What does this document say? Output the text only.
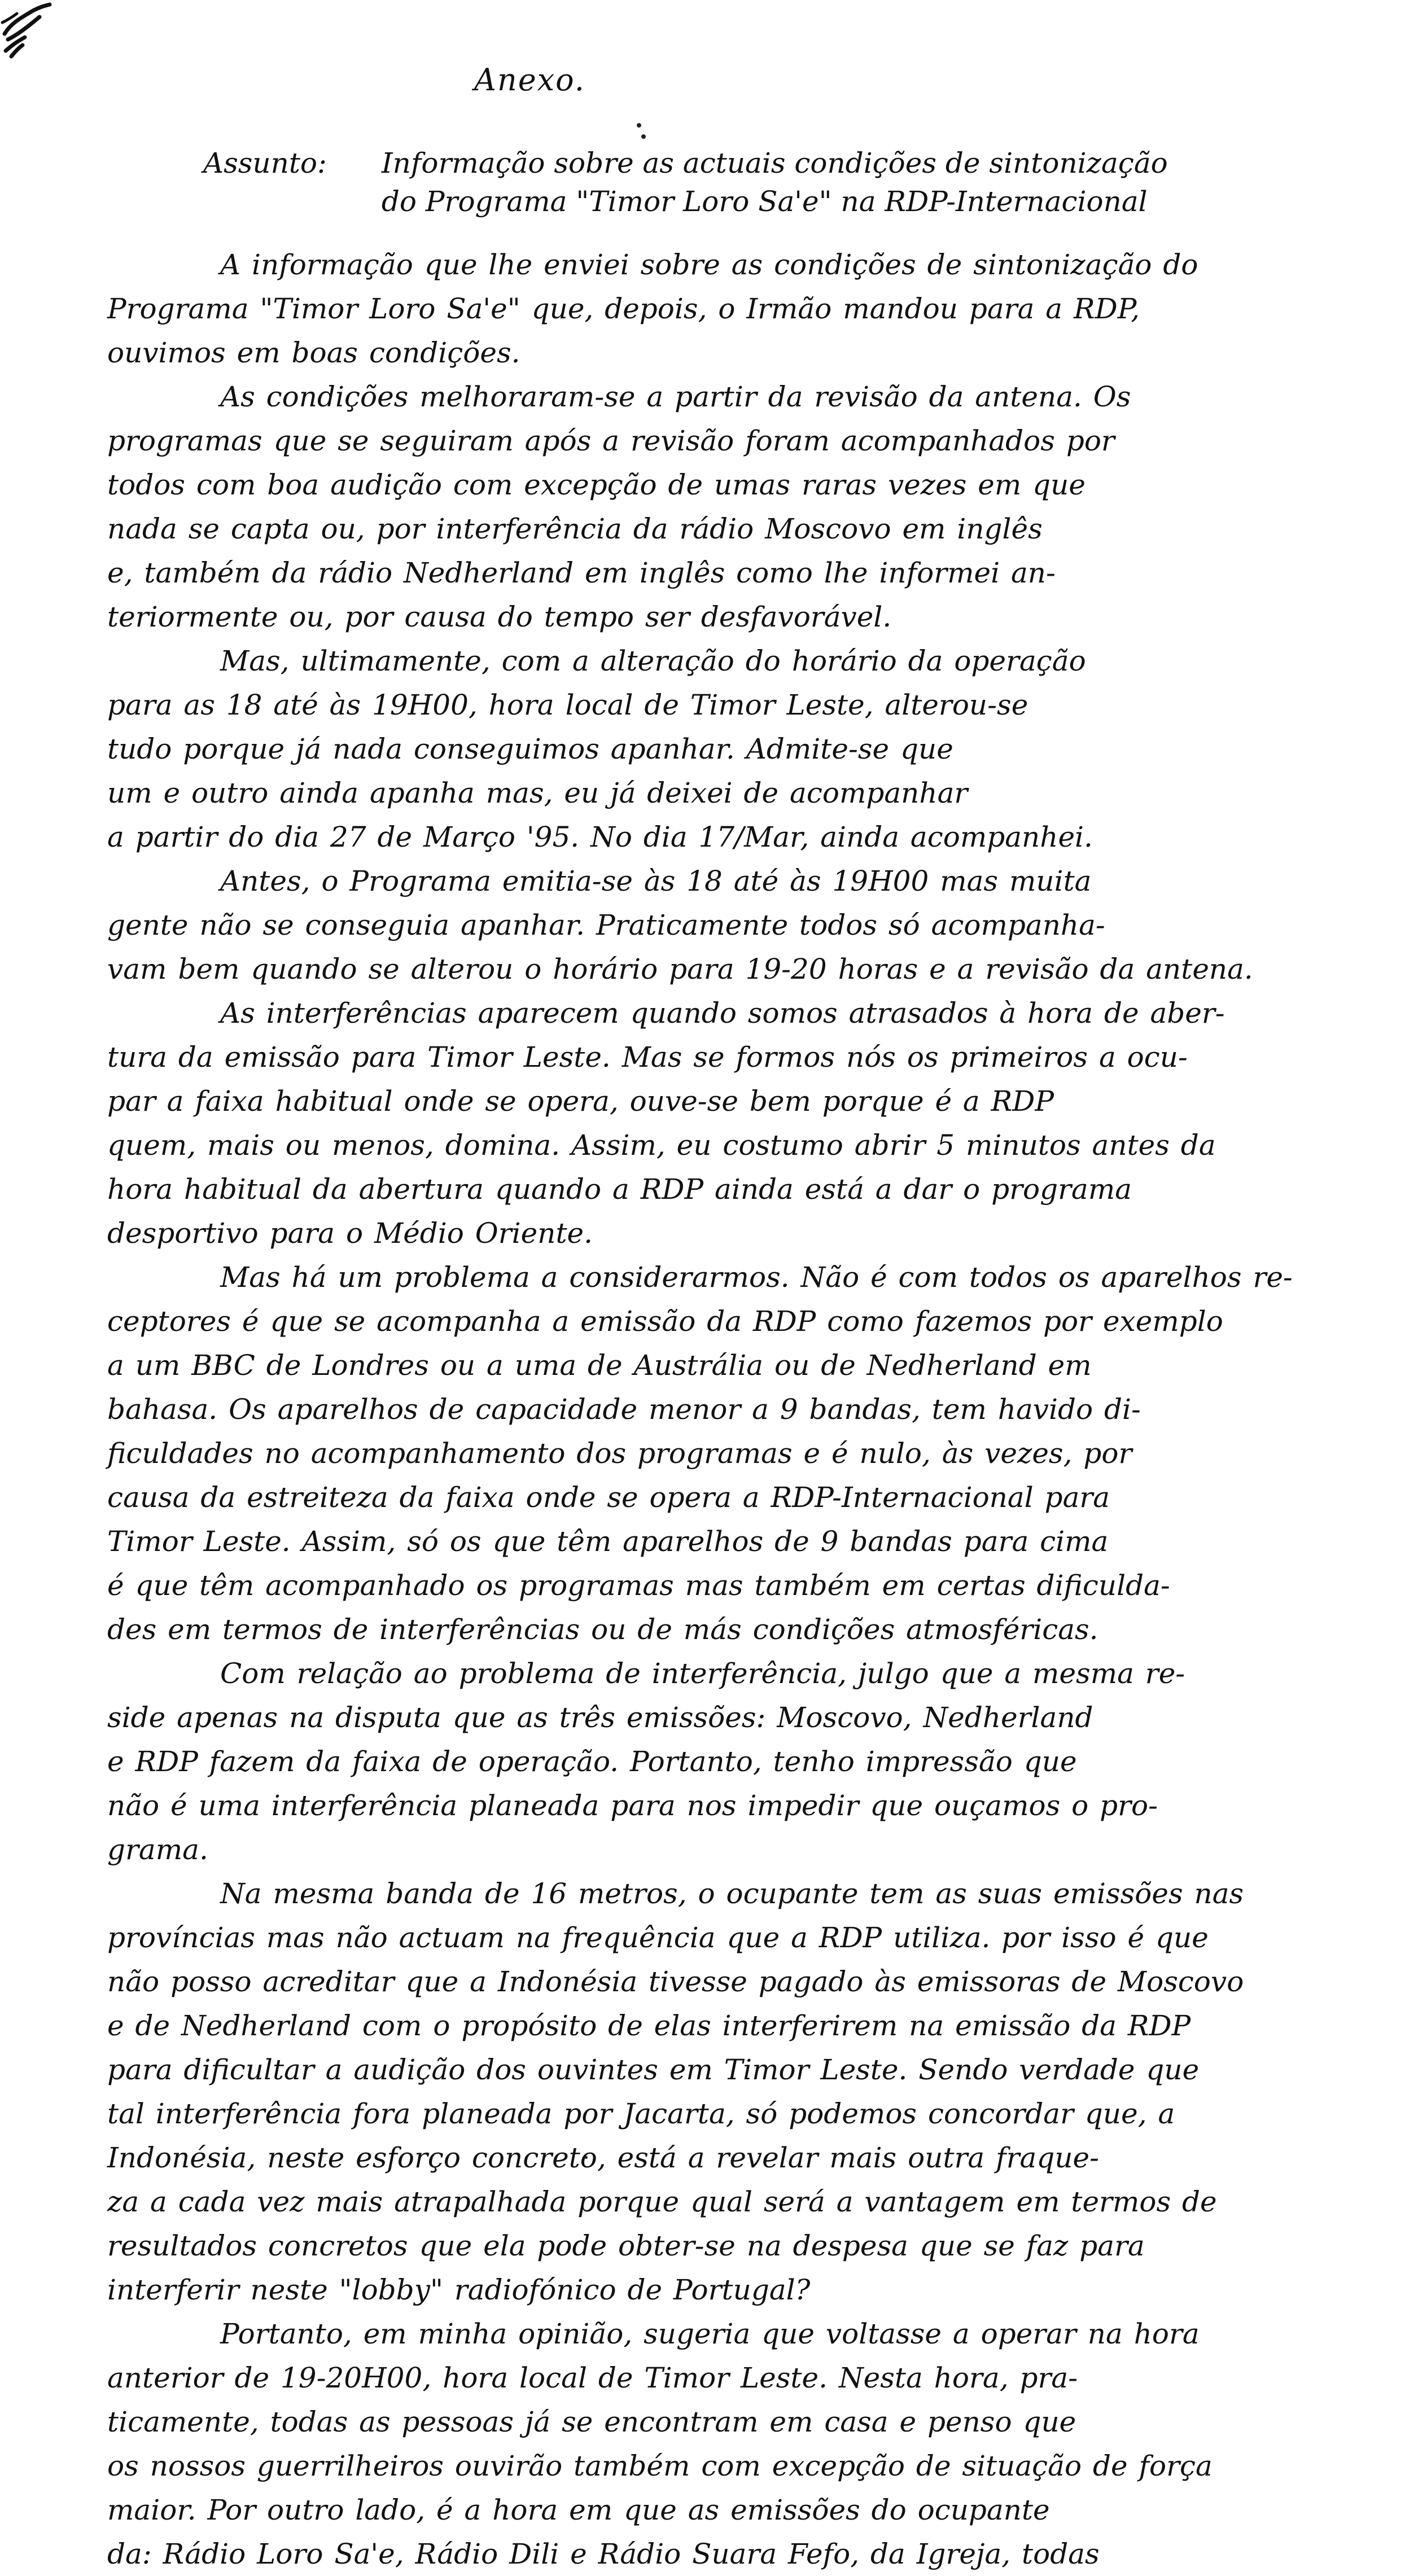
Anexo.
Assunto: Informação sobre as actuais condições de sintonização
do Programa "Timor Loro Sa'e" na RDP-Internacional
A informação que lhe enviei sobre as condições de sintonização do
Programa "Timor Loro Sa'e" que, depois, o Irmão mandou para a RDP,
ouvimos em boas condições.
As condições melhoraram-se a partir da revisão da antena. Os
programas que se seguiram após a revisão foram acompanhados por
todos com boa audição com excepção de umas raras vezes em que
nada se capta ou, por interferência da rádio Moscovo em inglês
e, também da rádio Nedherland em inglês como lhe informei an-
teriormente ou, por causa do tempo ser desfavorável.
Mas, ultimamente, com a alteração do horário da operação
para as 18 até às 19H00, hora local de Timor Leste, alterou-se
tudo porque já nada conseguimos apanhar. Admite-se que
um e outro ainda apanha mas, eu já deixei de acompanhar
a partir do dia 27 de Março '95. No dia 17/Mar, ainda acompanhei.
Antes, o Programa emitia-se às 18 até às 19H00 mas muita
gente não se conseguia apanhar. Praticamente todos só acompanha-
vam bem quando se alterou o horário para 19-20 horas e a revisão da antena.
As interferências aparecem quando somos atrasados à hora de aber-
tura da emissão para Timor Leste. Mas se formos nós os primeiros a ocu-
par a faixa habitual onde se opera, ouve-se bem porque é a RDP
quem, mais ou menos, domina. Assim, eu costumo abrir 5 minutos antes da
hora habitual da abertura quando a RDP ainda está a dar o programa
desportivo para o Médio Oriente.
Mas há um problema a considerarmos. Não é com todos os aparelhos re-
ceptores é que se acompanha a emissão da RDP como fazemos por exemplo
a um BBC de Londres ou a uma de Austrália ou de Nedherland em
bahasa. Os aparelhos de capacidade menor a 9 bandas, tem havido di-
ficuldades no acompanhamento dos programas e é nulo, às vezes, por
causa da estreiteza da faixa onde se opera a RDP-Internacional para
Timor Leste. Assim, só os que têm aparelhos de 9 bandas para cima
é que têm acompanhado os programas mas também em certas dificulda-
des em termos de interferências ou de más condições atmosféricas.
Com relação ao problema de interferência, julgo que a mesma re-
side apenas na disputa que as três emissões: Moscovo, Nedherland
e RDP fazem da faixa de operação. Portanto, tenho impressão que
não é uma interferência planeada para nos impedir que ouçamos o pro-
grama.
Na mesma banda de 16 metros, o ocupante tem as suas emissões nas
províncias mas não actuam na frequência que a RDP utiliza. por isso é que
não posso acreditar que a Indonésia tivesse pagado às emissoras de Moscovo
e de Nedherland com o propósito de elas interferirem na emissão da RDP
para dificultar a audição dos ouvintes em Timor Leste. Sendo verdade que
tal interferência fora planeada por Jacarta, só podemos concordar que, a
Indonésia, neste esforço concreto, está a revelar mais outra fraque-
za a cada vez mais atrapalhada porque qual será a vantagem em termos de
resultados concretos que ela pode obter-se na despesa que se faz para
interferir neste "lobby" radiofónico de Portugal?
Portanto, em minha opinião, sugeria que voltasse a operar na hora
anterior de 19-20H00, hora local de Timor Leste. Nesta hora, pra-
ticamente, todas as pessoas já se encontram em casa e penso que
os nossos guerrilheiros ouvirão também com excepção de situação de força
maior. Por outro lado, é a hora em que as emissões do ocupante
da: Rádio Loro Sa'e, Rádio Dili e Rádio Suara Fefo, da Igreja, todas
